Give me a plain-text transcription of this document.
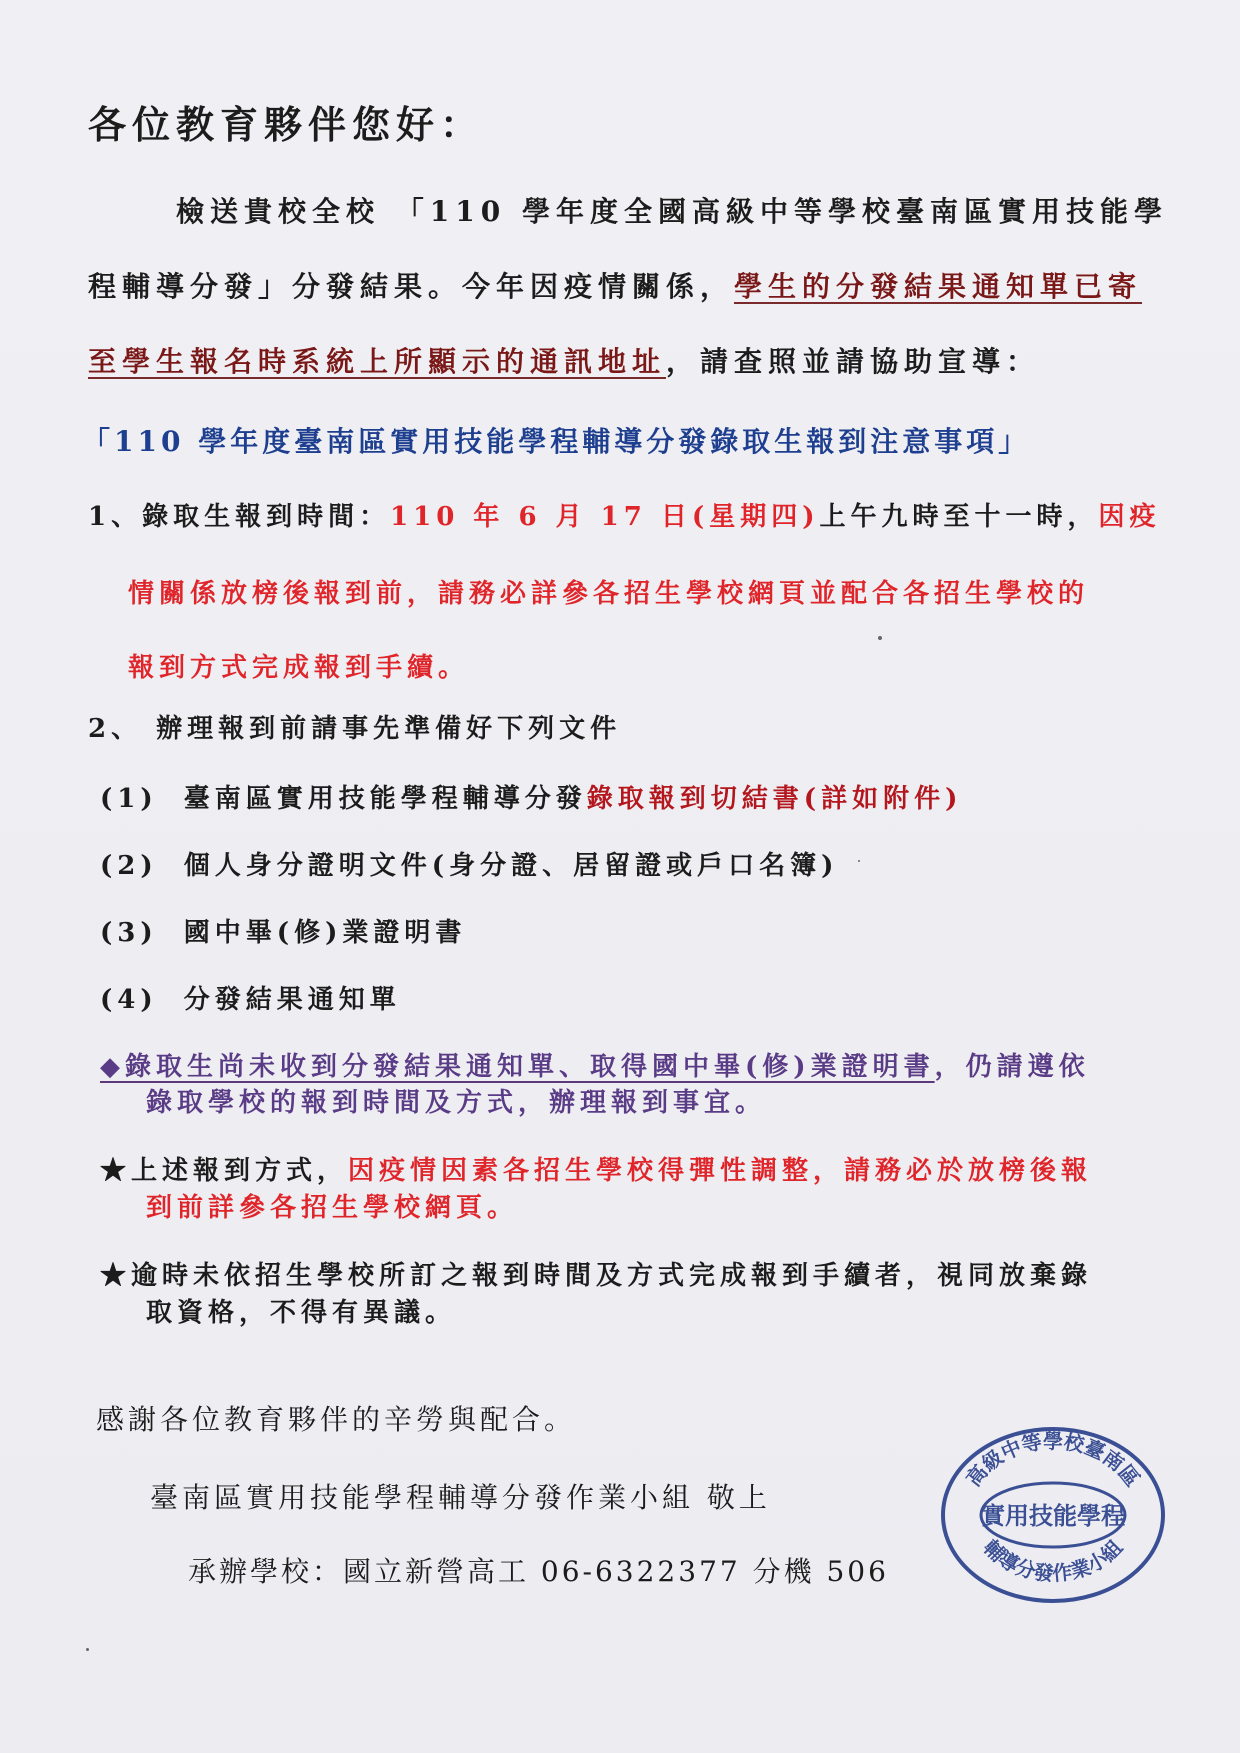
各位教育夥伴您好：
檢送貴校全校 「110 學年度全國高級中等學校臺南區實用技能學
程輔導分發」分發結果。今年因疫情關係，學生的分發結果通知單已寄
至學生報名時系統上所顯示的通訊地址，請查照並請協助宣導：
「110 學年度臺南區實用技能學程輔導分發錄取生報到注意事項」
1、錄取生報到時間：110 年 6 月 17 日(星期四)上午九時至十一時，因疫
情關係放榜後報到前，請務必詳參各招生學校網頁並配合各招生學校的
報到方式完成報到手續。
2、 辦理報到前請事先準備好下列文件
(1) 臺南區實用技能學程輔導分發錄取報到切結書(詳如附件)
(2) 個人身分證明文件(身分證、居留證或戶口名簿)
(3) 國中畢(修)業證明書
(4) 分發結果通知單
◆錄取生尚未收到分發結果通知單、取得國中畢(修)業證明書，仍請遵依
錄取學校的報到時間及方式，辦理報到事宜。
★上述報到方式，因疫情因素各招生學校得彈性調整，請務必於放榜後報
到前詳參各招生學校網頁。
★逾時未依招生學校所訂之報到時間及方式完成報到手續者，視同放棄錄
取資格，不得有異議。
感謝各位教育夥伴的辛勞與配合。
臺南區實用技能學程輔導分發作業小組 敬上
承辦學校：國立新營高工 06-6322377 分機 506
高級中等學校臺南區
實用技能學程
輔導分發作業小組
